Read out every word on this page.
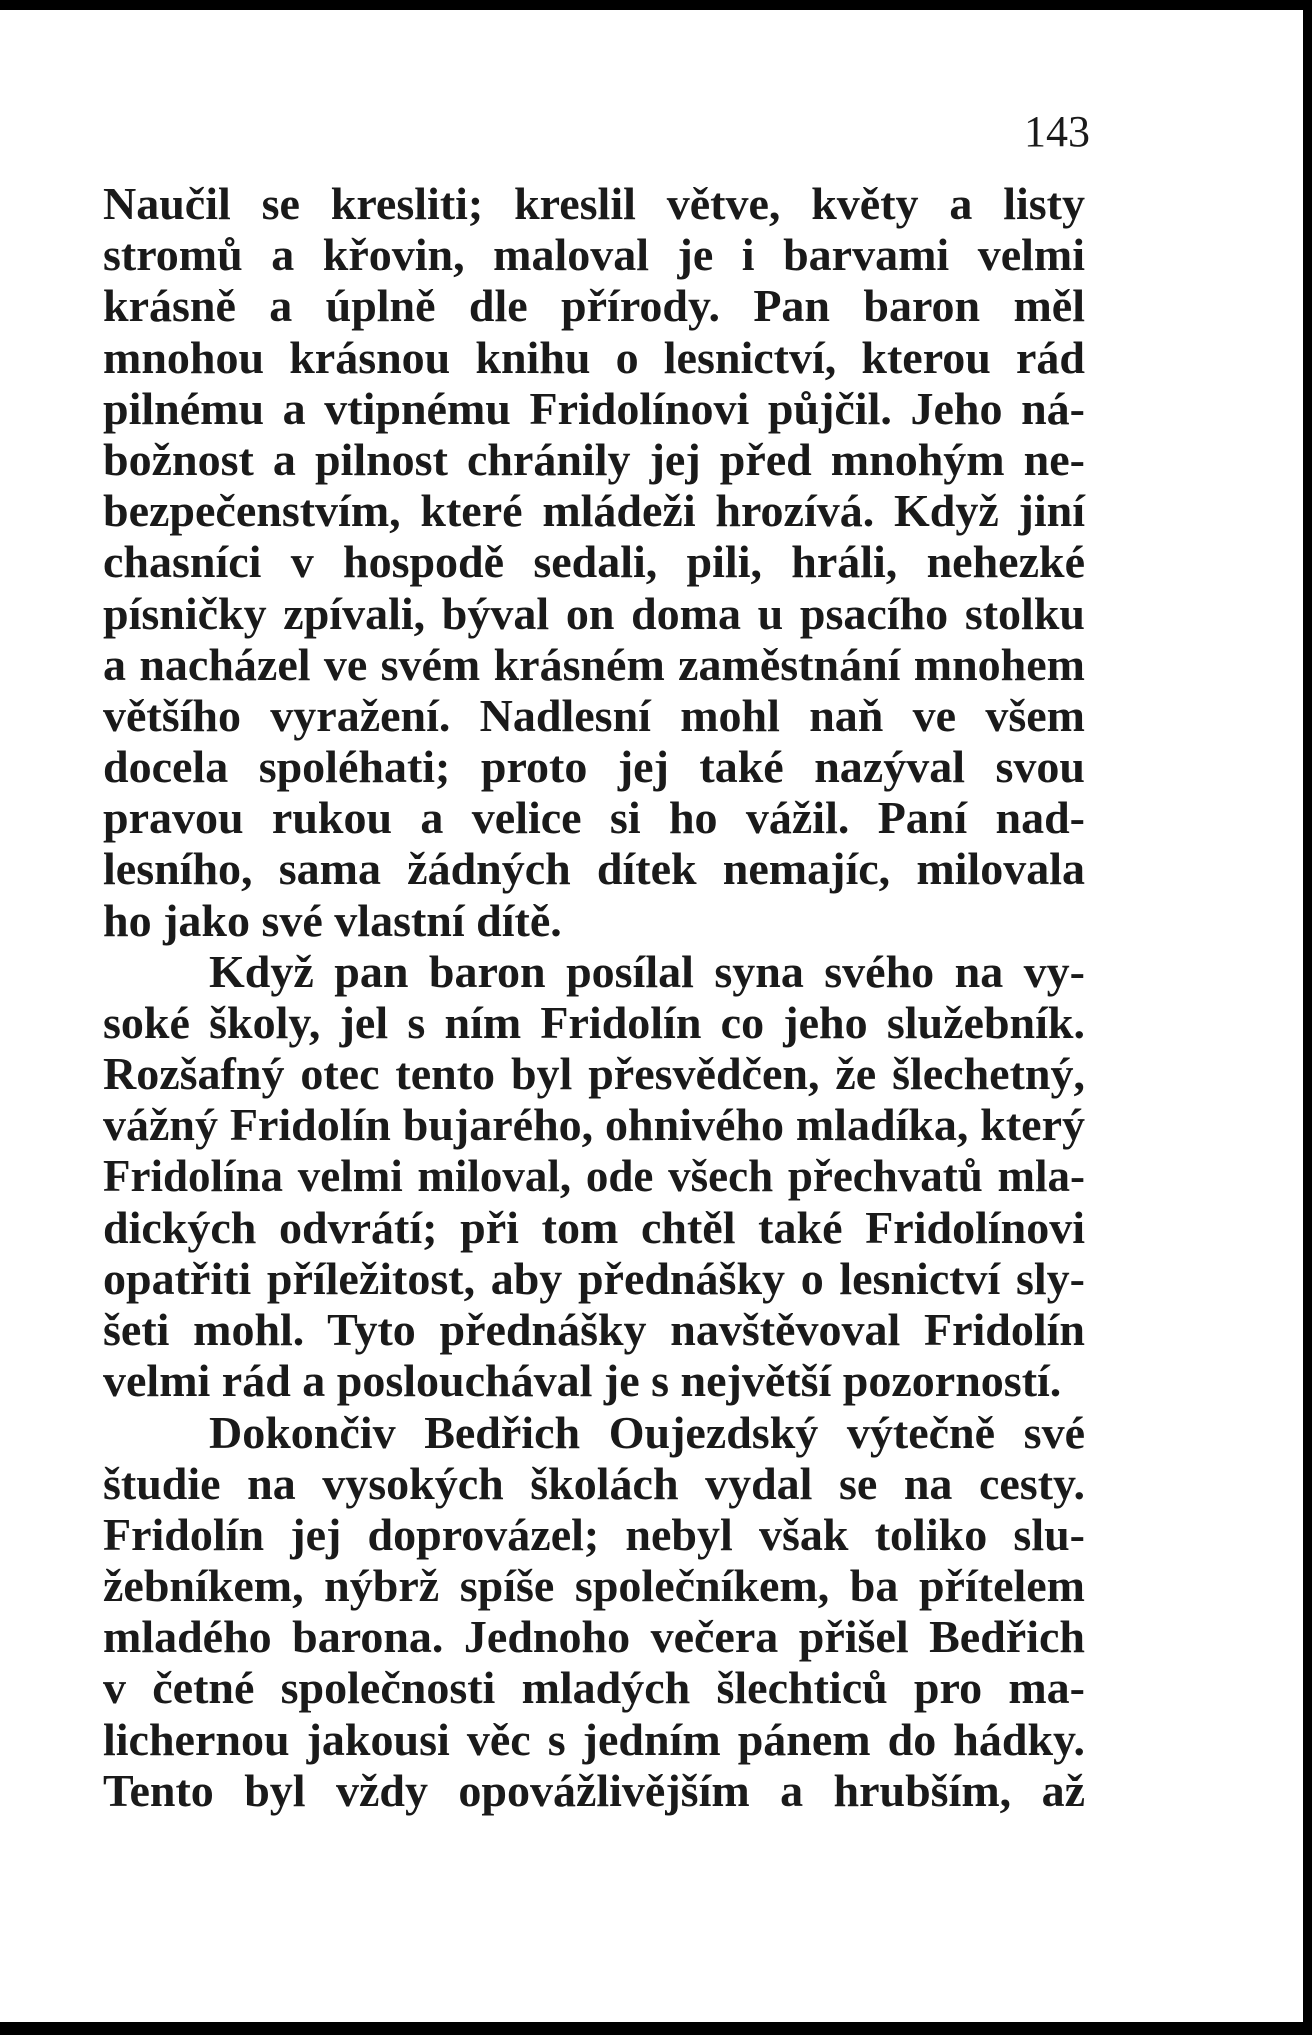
143
Naučil se kresliti; kreslil větve, květy a listy
stromů a křovin, maloval je i barvami velmi
krásně a úplně dle přírody. Pan baron měl
mnohou krásnou knihu o lesnictví, kterou rád
pilnému a vtipnému Fridolínovi půjčil. Jeho ná-
božnost a pilnost chránily jej před mnohým ne-
bezpečenstvím, které mládeži hrozívá. Když jiní
chasníci v hospodě sedali, pili, hráli, nehezké
písničky zpívali, býval on doma u psacího stolku
a nacházel ve svém krásném zaměstnání mnohem
většího vyražení. Nadlesní mohl naň ve všem
docela spoléhati; proto jej také nazýval svou
pravou rukou a velice si ho vážil. Paní nad-
lesního, sama žádných dítek nemajíc, milovala
ho jako své vlastní dítě.
Když pan baron posílal syna svého na vy-
soké školy, jel s ním Fridolín co jeho služebník.
Rozšafný otec tento byl přesvědčen, že šlechetný,
vážný Fridolín bujarého, ohnivého mladíka, který
Fridolína velmi miloval, ode všech přechvatů mla-
dických odvrátí; při tom chtěl také Fridolínovi
opatřiti příležitost, aby přednášky o lesnictví sly-
šeti mohl. Tyto přednášky navštěvoval Fridolín
velmi rád a poslouchával je s největší pozorností.
Dokončiv Bedřich Oujezdský výtečně své
študie na vysokých školách vydal se na cesty.
Fridolín jej doprovázel; nebyl však toliko slu-
žebníkem, nýbrž spíše společníkem, ba přítelem
mladého barona. Jednoho večera přišel Bedřich
v četné společnosti mladých šlechticů pro ma-
lichernou jakousi věc s jedním pánem do hádky.
Tento byl vždy opovážlivějším a hrubším, až
